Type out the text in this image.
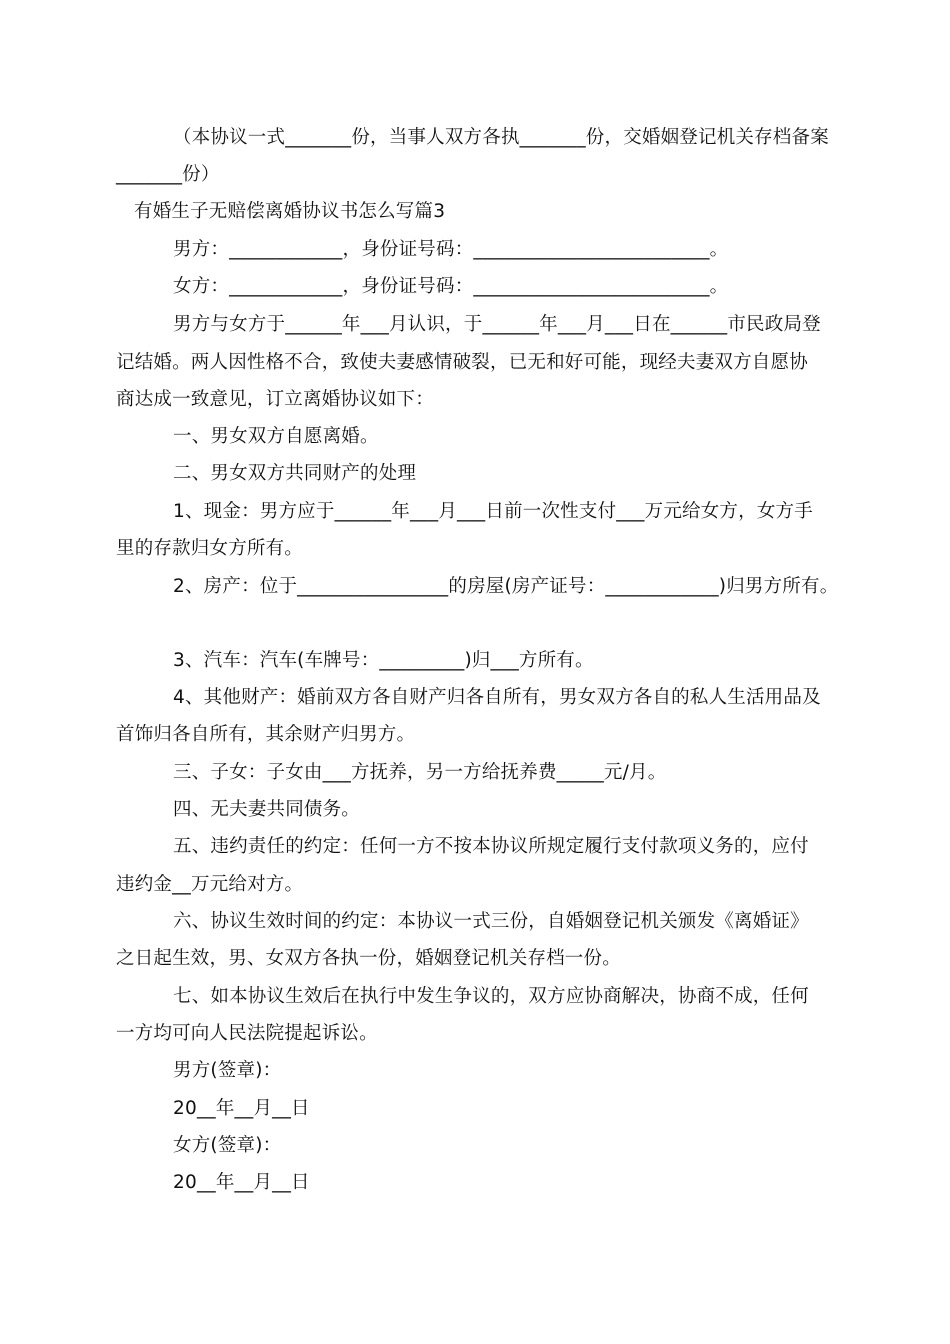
（本协议一式_______份，当事人双方各执_______份，交婚姻登记机关存档备案
_______份）
有婚生子无赔偿离婚协议书怎么写篇3
男方：____________，身份证号码：_________________________。
女方：____________，身份证号码：_________________________。
男方与女方于______年___月认识，于______年___月___日在______市民政局登
记结婚。两人因性格不合，致使夫妻感情破裂，已无和好可能，现经夫妻双方自愿协
商达成一致意见，订立离婚协议如下：
一、男女双方自愿离婚。
二、男女双方共同财产的处理
1、现金：男方应于______年___月___日前一次性支付___万元给女方，女方手
里的存款归女方所有。
2、房产：位于________________的房屋(房产证号：____________)归男方所有。
3、汽车：汽车(车牌号：_________)归___方所有。
4、其他财产：婚前双方各自财产归各自所有，男女双方各自的私人生活用品及
首饰归各自所有，其余财产归男方。
三、子女：子女由___方抚养，另一方给抚养费_____元/月。
四、无夫妻共同债务。
五、违约责任的约定：任何一方不按本协议所规定履行支付款项义务的，应付
违约金__万元给对方。
六、协议生效时间的约定：本协议一式三份，自婚姻登记机关颁发《离婚证》
之日起生效，男、女双方各执一份，婚姻登记机关存档一份。
七、如本协议生效后在执行中发生争议的，双方应协商解决，协商不成，任何
一方均可向人民法院提起诉讼。
男方(签章)：
20__年__月__日
女方(签章)：
20__年__月__日
